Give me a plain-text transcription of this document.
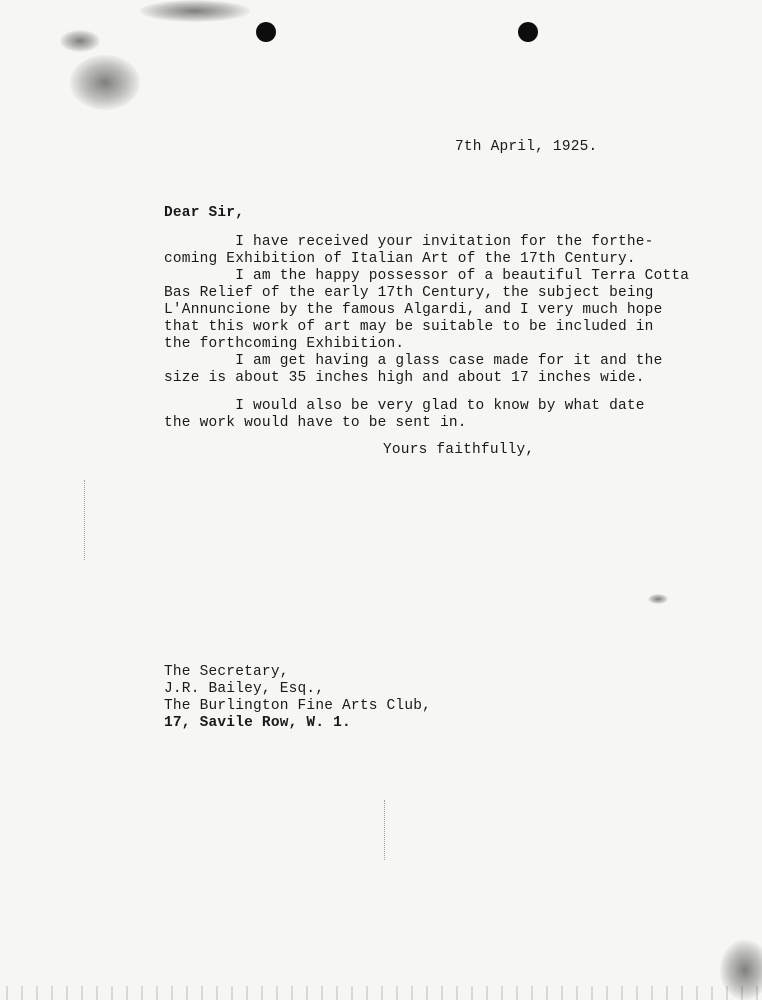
7th April, 1925.
Dear Sir,
I have received your invitation for the forthe-
coming Exhibition of Italian Art of the 17th Century.
I am the happy possessor of a beautiful Terra Cotta
Bas Relief of the early 17th Century, the subject being
L'Annuncione by the famous Algardi, and I very much hope
that this work of art may be suitable to be included in
the forthcoming Exhibition.
I am get having a glass case made for it and the
size is about 35 inches high and about 17 inches wide.
I would also be very glad to know by what date
the work would have to be sent in.
Yours faithfully,
The Secretary,
J.R. Bailey, Esq.,
The Burlington Fine Arts Club,
17, Savile Row, W. 1.
